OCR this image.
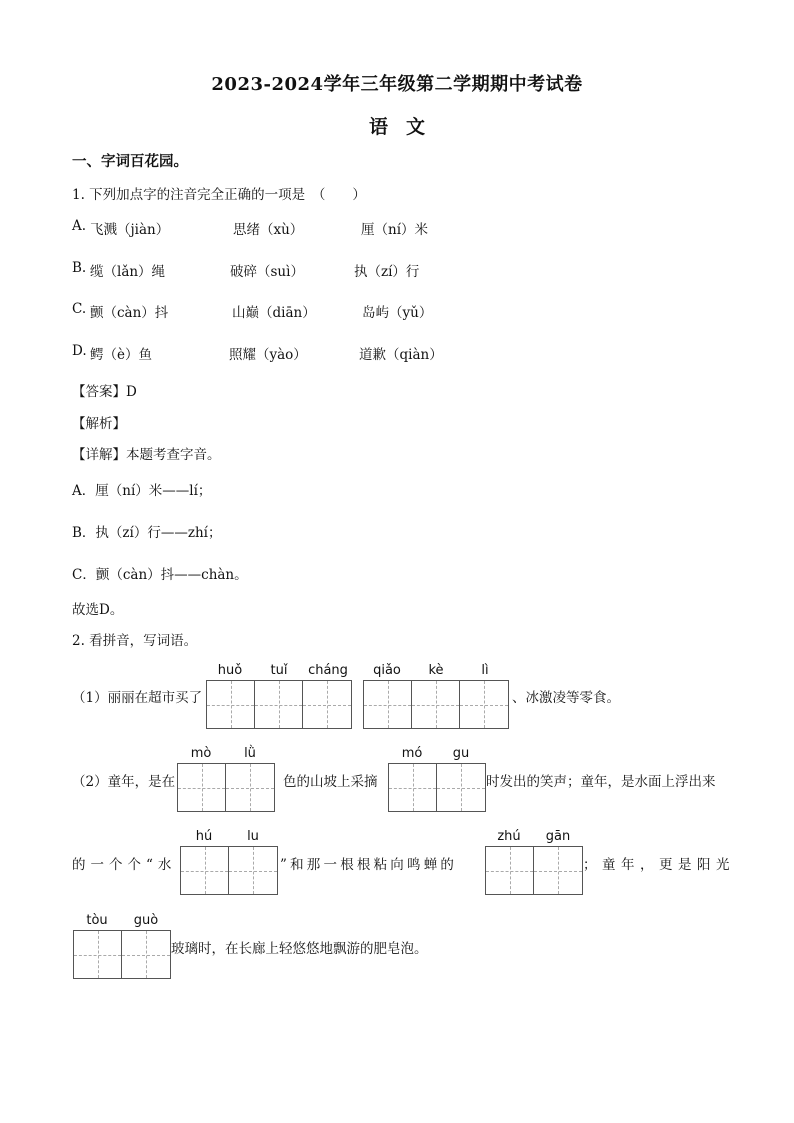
2023-2024学年三年级第二学期期中考试卷
语文
一、字词百花园。
1. 下列加点字的注音完全正确的一项是　（　　）
A. 飞溅（jiàn）	思绪（xù）	厘（ní）米
B. 缆（lǎn）绳	破碎（suì）	执（zí）行
C. 颤（càn）抖	山巅（diān）	岛屿（yǔ）
D. 鳄（è）鱼	照耀（yào）	道歉（qiàn）
【答案】D
【解析】
【详解】本题考查字音。
A．厘（ní）米——lí；
B．执（zí）行——zhí；
C．颤（càn）抖——chàn。
故选D。
2. 看拼音，写词语。
（1）丽丽在超市买了
huǒ	tuǐ	cháng	qiǎo	kè	lì
、冰激凌等零食。
（2）童年，是在
mò	lǜ
色的山坡上采摘
mó	gu
时发出的笑声；童年，是水面上浮出来
的一个个“水
hú	lu
”和那一根根粘向鸣蝉的
zhú	gān
；童年，更是阳光
tòu	guò
玻璃时，在长廊上轻悠悠地飘游的肥皂泡。
